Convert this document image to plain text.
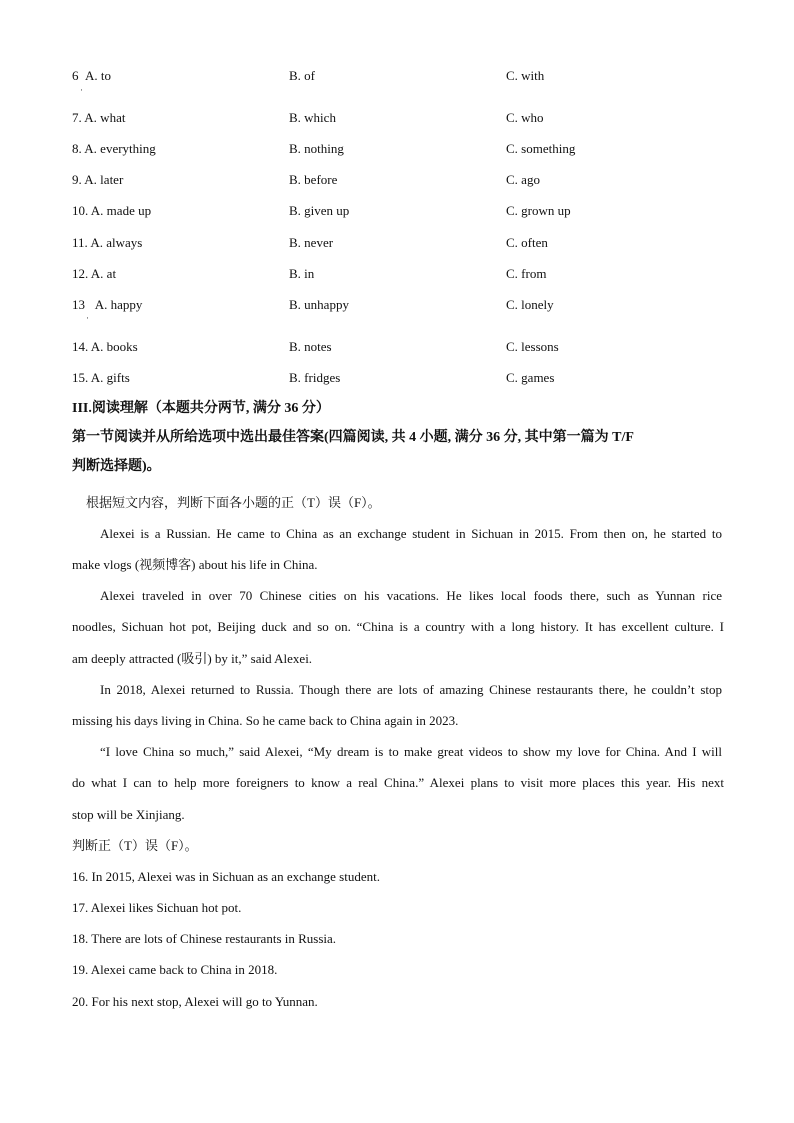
6 A. to	B. of	C. with
·
7. A. what	B. which	C. who
8. A. everything	B. nothing	C. something
9. A. later	B. before	C. ago
10. A. made up	B. given up	C. grown up
11. A. always	B. never	C. often
12. A. at	B. in	C. from
13 A. happy	B. unhappy	C. lonely
·
14. A. books	B. notes	C. lessons
15. A. gifts	B. fridges	C. games
III.阅读理解（本题共分两节, 满分 36 分）
第一节阅读并从所给选项中选出最佳答案(四篇阅读, 共 4 小题, 满分 36 分, 其中第一篇为 T/F
判断选择题)。
根据短文内容，判断下面各小题的正（T）误（F）。
Alexei is a Russian. He came to China as an exchange student in Sichuan in 2015. From then on, he started to
make vlogs (视频博客) about his life in China.
Alexei traveled in over 70 Chinese cities on his vacations. He likes local foods there, such as Yunnan rice
noodles, Sichuan hot pot, Beijing duck and so on. “China is a country with a long history. It has excellent culture. I
am deeply attracted (吸引) by it,” said Alexei.
In 2018, Alexei returned to Russia. Though there are lots of amazing Chinese restaurants there, he couldn’t stop
missing his days living in China. So he came back to China again in 2023.
“I love China so much,” said Alexei, “My dream is to make great videos to show my love for China. And I will
do what I can to help more foreigners to know a real China.” Alexei plans to visit more places this year. His next
stop will be Xinjiang.
判断正（T）误（F）。
16. In 2015, Alexei was in Sichuan as an exchange student.
17. Alexei likes Sichuan hot pot.
18. There are lots of Chinese restaurants in Russia.
19. Alexei came back to China in 2018.
20. For his next stop, Alexei will go to Yunnan.
